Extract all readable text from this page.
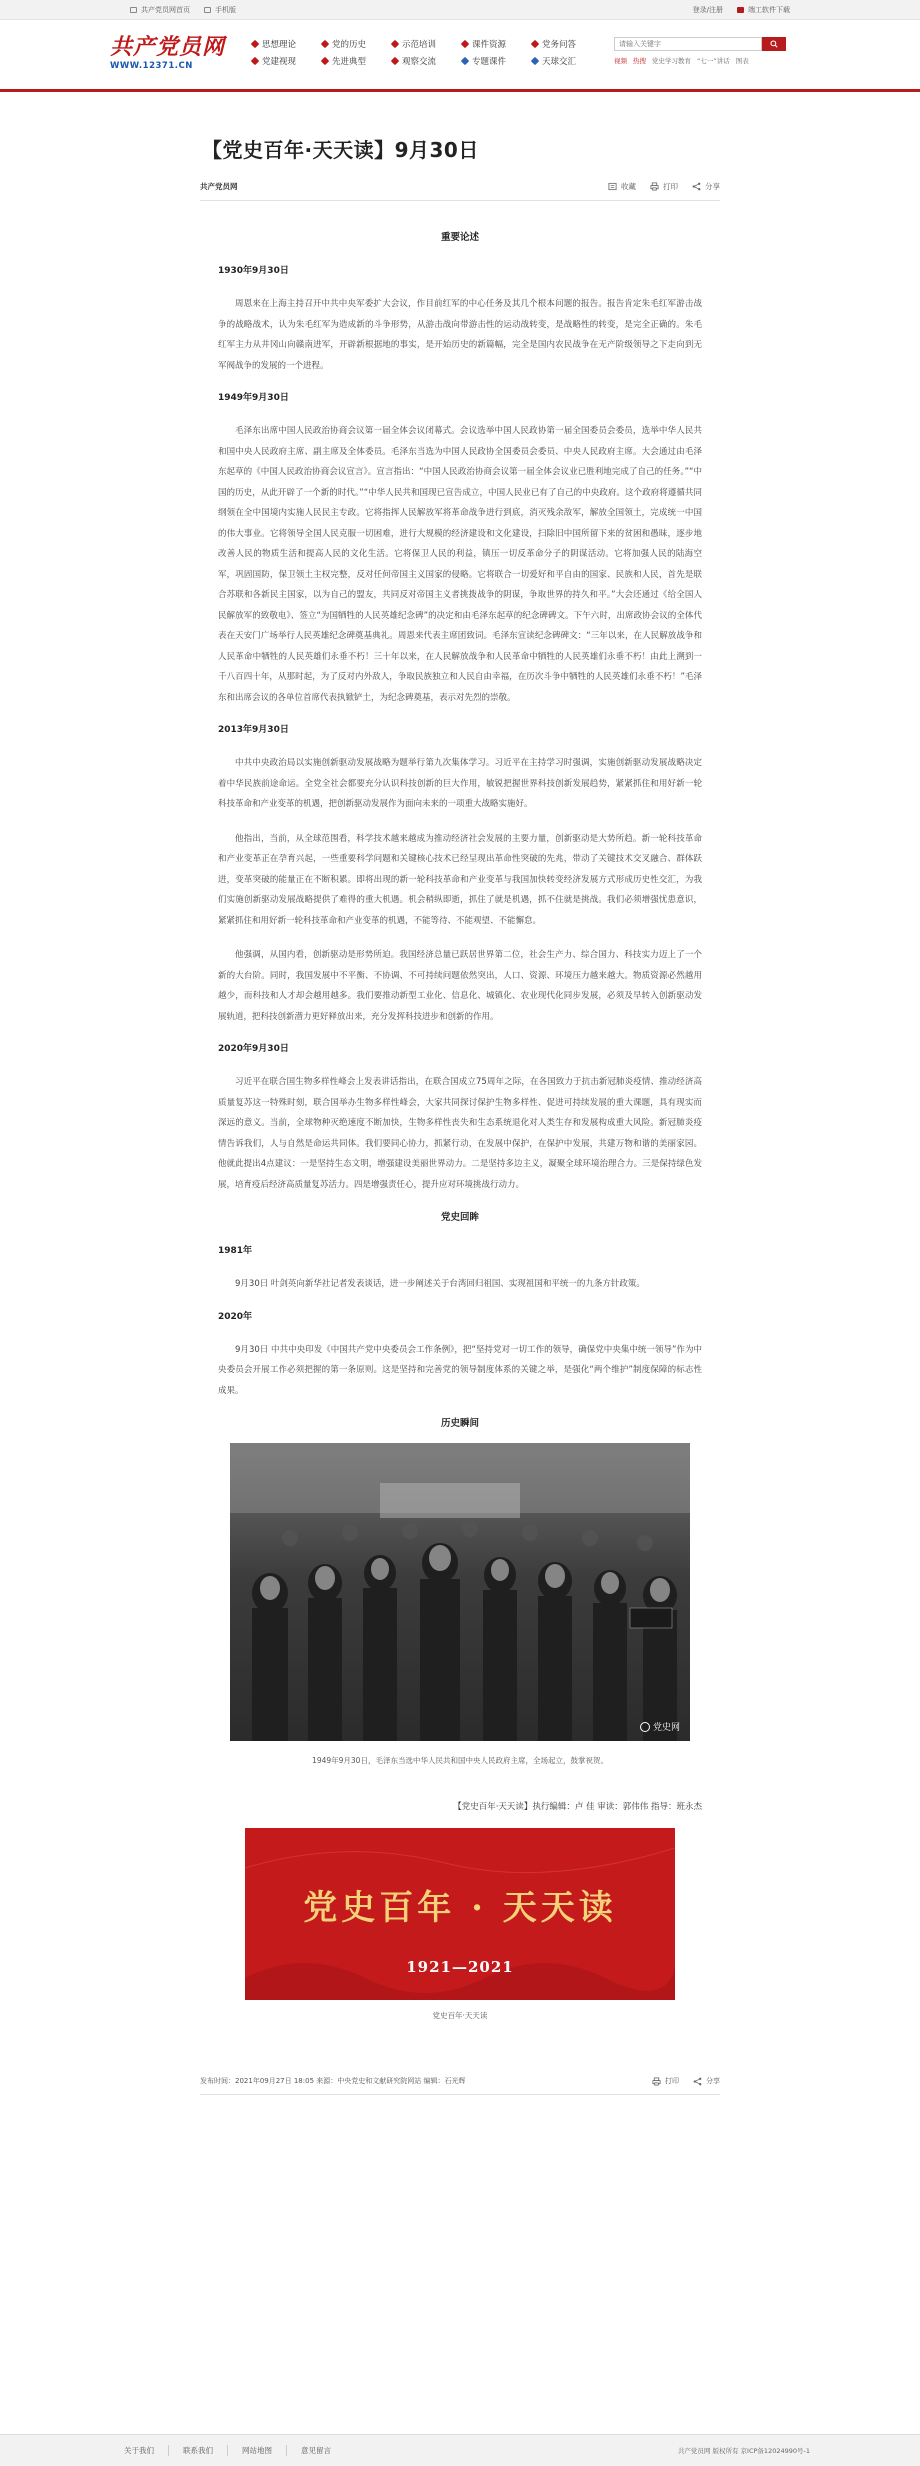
共产党员网首页	手机版	登录/注册	端工软件下载
共产党员网
WWW.12371.CN
思想理论	党的历史	示范培训	课件资源	党务问答
党建视现	先进典型	观察交流	专题课件	天球交汇
请输入关键字	视频 热搜 党史学习教育 “七一”讲话 图表
【党史百年·天天读】9月30日
共产党员网	收藏	打印	分享
重要论述
1930年9月30日

周恩来在上海主持召开中共中央军委扩大会议，作目前红军的中心任务及其几个根本问题的报告。报告肯定朱毛红军游击战争的战略战术，认为朱毛红军为造成新的斗争形势，从游击战向带游击性的运动战转变，是战略性的转变，是完全正确的。朱毛红军主力从井冈山向赣南进军，开辟新根据地的事实，是开始历史的新篇幅，完全是国内农民战争在无产阶级领导之下走向到无军阀战争的发展的一个进程。

1949年9月30日

毛泽东出席中国人民政治协商会议第一届全体会议闭幕式。会议选举中国人民政协第一届全国委员会委员，选举中华人民共和国中央人民政府主席、副主席及全体委员。毛泽东当选为中国人民政协全国委员会委员、中央人民政府主席。大会通过由毛泽东起草的《中国人民政治协商会议宣言》。宣言指出：“中国人民政治协商会议第一届全体会议业已胜利地完成了自己的任务。”“中国的历史，从此开辟了一个新的时代。”“中华人民共和国现已宣告成立，中国人民业已有了自己的中央政府。这个政府将遵循共同纲领在全中国境内实施人民民主专政。它将指挥人民解放军将革命战争进行到底，消灭残余敌军，解放全国领土，完成统一中国的伟大事业。它将领导全国人民克服一切困难，进行大规模的经济建设和文化建设，扫除旧中国所留下来的贫困和愚昧，逐步地改善人民的物质生活和提高人民的文化生活。它将保卫人民的利益，镇压一切反革命分子的阴谋活动。它将加强人民的陆海空军，巩固国防，保卫领土主权完整，反对任何帝国主义国家的侵略。它将联合一切爱好和平自由的国家、民族和人民，首先是联合苏联和各新民主国家，以为自己的盟友，共同反对帝国主义者挑拨战争的阴谋，争取世界的持久和平。”大会还通过《给全国人民解放军的致敬电》、签立“为国牺牲的人民英雄纪念碑”的决定和由毛泽东起草的纪念碑碑文。下午六时，出席政协会议的全体代表在天安门广场举行人民英雄纪念碑奠基典礼。周恩来代表主席团致词。毛泽东宣读纪念碑碑文：“三年以来，在人民解放战争和人民革命中牺牲的人民英雄们永垂不朽！三十年以来，在人民解放战争和人民革命中牺牲的人民英雄们永垂不朽！由此上溯到一千八百四十年，从那时起，为了反对内外敌人，争取民族独立和人民自由幸福，在历次斗争中牺牲的人民英雄们永垂不朽！”毛泽东和出席会议的各单位首席代表执锨铲土，为纪念碑奠基，表示对先烈的崇敬。

2013年9月30日

中共中央政治局以实施创新驱动发展战略为题举行第九次集体学习。习近平在主持学习时强调，实施创新驱动发展战略决定着中华民族前途命运。全党全社会都要充分认识科技创新的巨大作用，敏锐把握世界科技创新发展趋势，紧紧抓住和用好新一轮科技革命和产业变革的机遇，把创新驱动发展作为面向未来的一项重大战略实施好。

他指出，当前，从全球范围看，科学技术越来越成为推动经济社会发展的主要力量，创新驱动是大势所趋。新一轮科技革命和产业变革正在孕育兴起，一些重要科学问题和关键核心技术已经呈现出革命性突破的先兆，带动了关键技术交叉融合、群体跃进，变革突破的能量正在不断积累。即将出现的新一轮科技革命和产业变革与我国加快转变经济发展方式形成历史性交汇，为我们实施创新驱动发展战略提供了难得的重大机遇。机会稍纵即逝，抓住了就是机遇，抓不住就是挑战。我们必须增强忧患意识，紧紧抓住和用好新一轮科技革命和产业变革的机遇，不能等待、不能观望、不能懈怠。

他强调，从国内看，创新驱动是形势所迫。我国经济总量已跃居世界第二位，社会生产力、综合国力、科技实力迈上了一个新的大台阶。同时，我国发展中不平衡、不协调、不可持续问题依然突出，人口、资源、环境压力越来越大。物质资源必然越用越少，而科技和人才却会越用越多。我们要推动新型工业化、信息化、城镇化、农业现代化同步发展，必须及早转入创新驱动发展轨道，把科技创新潜力更好释放出来，充分发挥科技进步和创新的作用。

2020年9月30日

习近平在联合国生物多样性峰会上发表讲话指出，在联合国成立75周年之际，在各国致力于抗击新冠肺炎疫情、推动经济高质量复苏这一特殊时刻，联合国举办生物多样性峰会，大家共同探讨保护生物多样性、促进可持续发展的重大课题，具有现实而深远的意义。当前，全球物种灭绝速度不断加快，生物多样性丧失和生态系统退化对人类生存和发展构成重大风险。新冠肺炎疫情告诉我们，人与自然是命运共同体。我们要同心协力，抓紧行动，在发展中保护，在保护中发展，共建万物和谐的美丽家园。他就此提出4点建议：一是坚持生态文明，增强建设美丽世界动力。二是坚持多边主义，凝聚全球环境治理合力。三是保持绿色发展，培育疫后经济高质量复苏活力。四是增强责任心，提升应对环境挑战行动力。

党史回眸
1981年

9月30日 叶剑英向新华社记者发表谈话，进一步阐述关于台湾回归祖国、实现祖国和平统一的九条方针政策。

2020年

9月30日 中共中央印发《中国共产党中央委员会工作条例》，把“坚持党对一切工作的领导，确保党中央集中统一领导”作为中央委员会开展工作必须把握的第一条原则。这是坚持和完善党的领导制度体系的关键之举，是强化“两个维护”制度保障的标志性成果。

历史瞬间
党史网
1949年9月30日，毛泽东当选中华人民共和国中央人民政府主席，全场起立，鼓掌祝贺。
【党史百年·天天读】执行编辑：卢 佳 审读：郭伟伟 指导：班永杰
党史百年 · 天天读
1921—2021
党史百年·天天读
发布时间：2021年09月27日 18:05 来源：中央党史和文献研究院网站 编辑：石光辉	打印	分享
关于我们	联系我们	网站地图	意见留言	共产党员网 版权所有 京ICP备12024990号-1
